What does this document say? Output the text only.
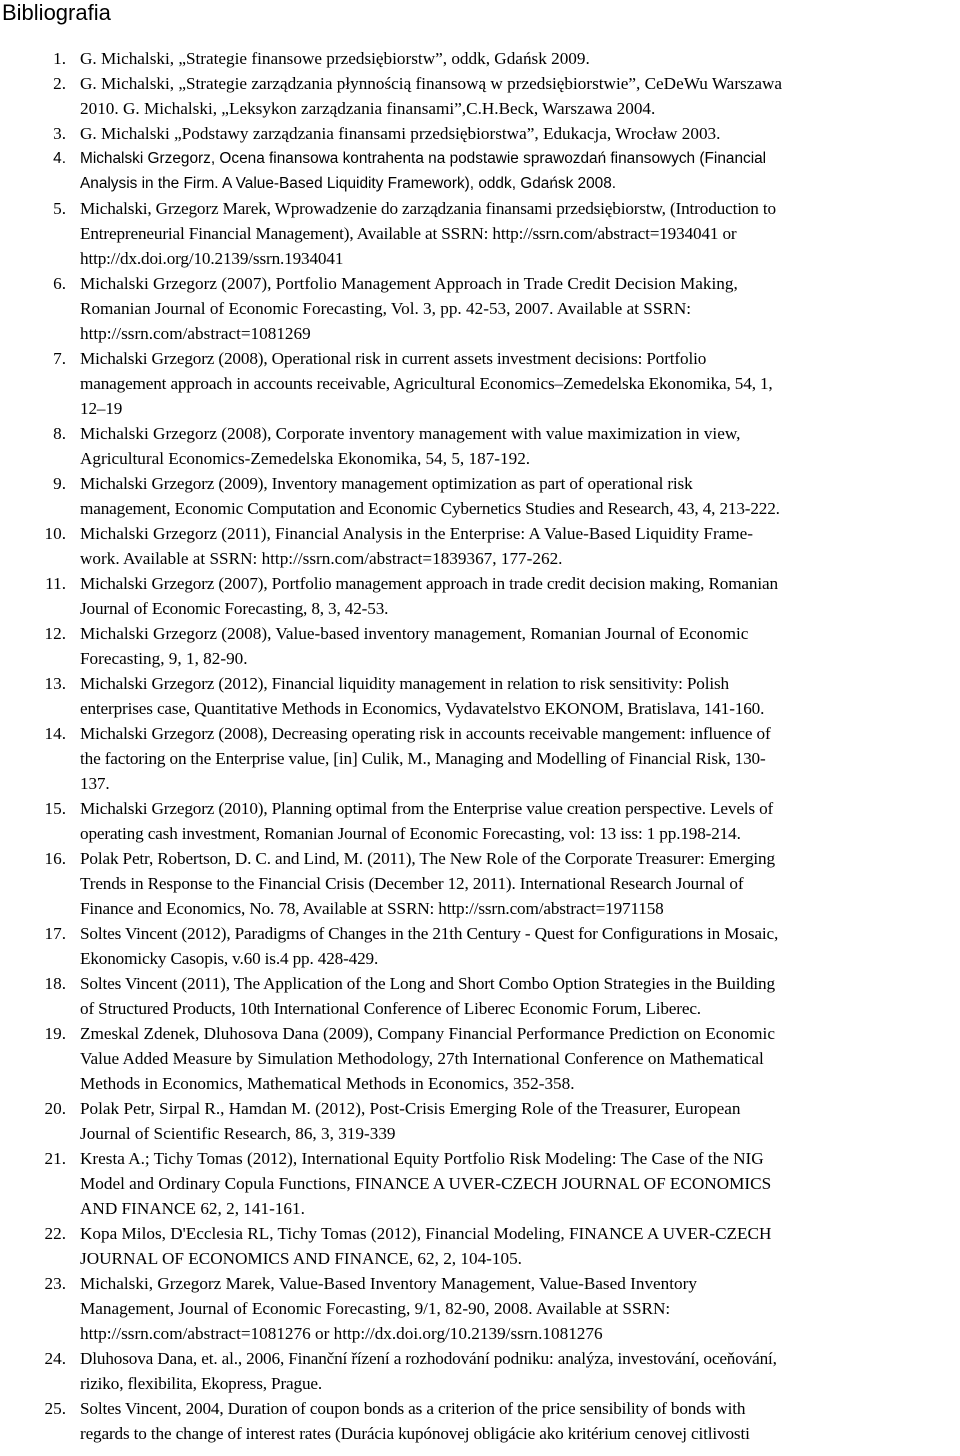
Bibliografia
1. G. Michalski, „Strategie finansowe przedsiębiorstw”, oddk, Gdańsk 2009.
2. G. Michalski, „Strategie zarządzania płynnością finansową w przedsiębiorstwie”, CeDeWu Warszawa
2010. G. Michalski, „Leksykon zarządzania finansami”,C.H.Beck, Warszawa 2004.
3. G. Michalski „Podstawy zarządzania finansami przedsiębiorstwa”, Edukacja, Wrocław 2003.
4. Michalski Grzegorz, Ocena finansowa kontrahenta na podstawie sprawozdań finansowych (Financial
Analysis in the Firm. A Value-Based Liquidity Framework), oddk, Gdańsk 2008.
5. Michalski, Grzegorz Marek, Wprowadzenie do zarządzania finansami przedsiębiorstw, (Introduction to
Entrepreneurial Financial Management), Available at SSRN: http://ssrn.com/abstract=1934041 or
http://dx.doi.org/10.2139/ssrn.1934041
6. Michalski Grzegorz (2007), Portfolio Management Approach in Trade Credit Decision Making,
Romanian Journal of Economic Forecasting, Vol. 3, pp. 42-53, 2007. Available at SSRN:
http://ssrn.com/abstract=1081269
7. Michalski Grzegorz (2008), Operational risk in current assets investment decisions: Portfolio
management approach in accounts receivable, Agricultural Economics–Zemedelska Ekonomika, 54, 1,
12–19
8. Michalski Grzegorz (2008), Corporate inventory management with value maximization in view,
Agricultural Economics-Zemedelska Ekonomika, 54, 5, 187-192.
9. Michalski Grzegorz (2009), Inventory management optimization as part of operational risk
management, Economic Computation and Economic Cybernetics Studies and Research, 43, 4, 213-222.
10. Michalski Grzegorz (2011), Financial Analysis in the Enterprise: A Value-Based Liquidity Frame-
work. Available at SSRN: http://ssrn.com/abstract=1839367, 177-262.
11. Michalski Grzegorz (2007), Portfolio management approach in trade credit decision making, Romanian
Journal of Economic Forecasting, 8, 3, 42-53.
12. Michalski Grzegorz (2008), Value-based inventory management, Romanian Journal of Economic
Forecasting, 9, 1, 82-90.
13. Michalski Grzegorz (2012), Financial liquidity management in relation to risk sensitivity: Polish
enterprises case, Quantitative Methods in Economics, Vydavatelstvo EKONOM, Bratislava, 141-160.
14. Michalski Grzegorz (2008), Decreasing operating risk in accounts receivable mangement: influence of
the factoring on the Enterprise value, [in] Culik, M., Managing and Modelling of Financial Risk, 130-
137.
15. Michalski Grzegorz (2010), Planning optimal from the Enterprise value creation perspective. Levels of
operating cash investment, Romanian Journal of Economic Forecasting, vol: 13 iss: 1 pp.198-214.
16. Polak Petr, Robertson, D. C. and Lind, M. (2011), The New Role of the Corporate Treasurer: Emerging
Trends in Response to the Financial Crisis (December 12, 2011). International Research Journal of
Finance and Economics, No. 78, Available at SSRN: http://ssrn.com/abstract=1971158
17. Soltes Vincent (2012), Paradigms of Changes in the 21th Century - Quest for Configurations in Mosaic,
Ekonomicky Casopis, v.60 is.4 pp. 428-429.
18. Soltes Vincent (2011), The Application of the Long and Short Combo Option Strategies in the Building
of Structured Products, 10th International Conference of Liberec Economic Forum, Liberec.
19. Zmeskal Zdenek, Dluhosova Dana (2009), Company Financial Performance Prediction on Economic
Value Added Measure by Simulation Methodology, 27th International Conference on Mathematical
Methods in Economics, Mathematical Methods in Economics, 352-358.
20. Polak Petr, Sirpal R., Hamdan M. (2012), Post-Crisis Emerging Role of the Treasurer, European
Journal of Scientific Research, 86, 3, 319-339
21. Kresta A.; Tichy Tomas (2012), International Equity Portfolio Risk Modeling: The Case of the NIG
Model and Ordinary Copula Functions, FINANCE A UVER-CZECH JOURNAL OF ECONOMICS
AND FINANCE 62, 2, 141-161.
22. Kopa Milos, D'Ecclesia RL, Tichy Tomas (2012), Financial Modeling, FINANCE A UVER-CZECH
JOURNAL OF ECONOMICS AND FINANCE, 62, 2, 104-105.
23. Michalski, Grzegorz Marek, Value-Based Inventory Management, Value-Based Inventory
Management, Journal of Economic Forecasting, 9/1, 82-90, 2008. Available at SSRN:
http://ssrn.com/abstract=1081276 or http://dx.doi.org/10.2139/ssrn.1081276
24. Dluhosova Dana, et. al., 2006, Finanční řízení a rozhodování podniku: analýza, investování, oceňování,
riziko, flexibilita, Ekopress, Prague.
25. Soltes Vincent, 2004, Duration of coupon bonds as a criterion of the price sensibility of bonds with
regards to the change of interest rates (Durácia kupónovej obligácie ako kritérium cenovej citlivosti
